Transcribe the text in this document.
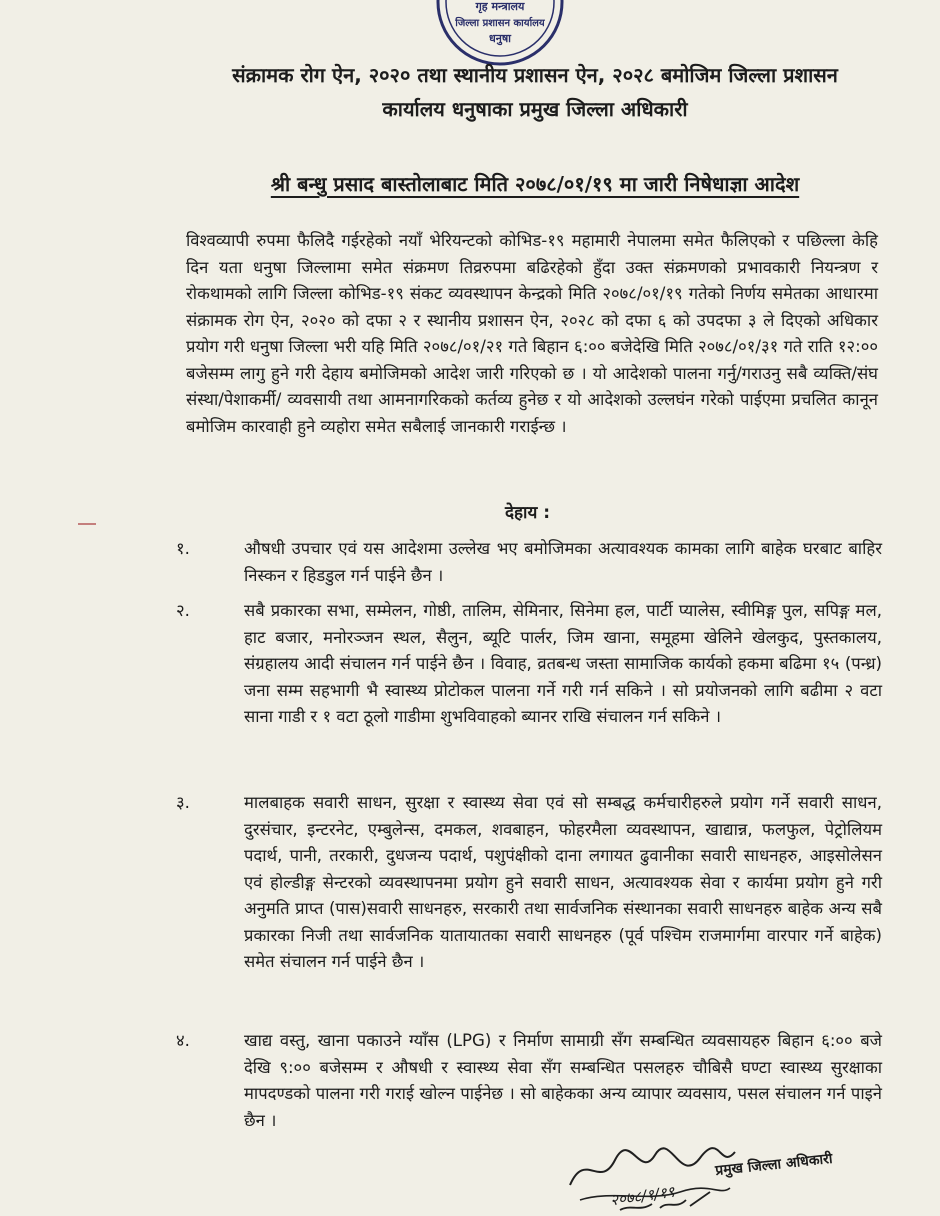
गृह मन्त्रालय
जिल्ला प्रशासन कार्यालय
धनुषा
संक्रामक रोग ऐन, २०२० तथा स्थानीय प्रशासन ऐन, २०२८ बमोजिम जिल्ला प्रशासन
कार्यालय धनुषाका प्रमुख जिल्ला अधिकारी
श्री बन्धु प्रसाद बास्तोलाबाट मिति २०७८/०१/१९ मा जारी निषेधाज्ञा आदेश
विश्वव्यापी रुपमा फैलिदै गईरहेको नयाँ भेरियन्टको कोभिड-१९ महामारी नेपालमा समेत फैलिएको र पछिल्ला केहि दिन यता धनुषा जिल्लामा समेत संक्रमण तिव्ररुपमा बढिरहेको हुँदा उक्त संक्रमणको प्रभावकारी नियन्त्रण र रोकथामको लागि जिल्ला कोभिड-१९ संकट व्यवस्थापन केन्द्रको मिति २०७८/०१/१९ गतेको निर्णय समेतका आधारमा संक्रामक रोग ऐन, २०२० को दफा २ र स्थानीय प्रशासन ऐन, २०२८ को दफा ६ को उपदफा ३ ले दिएको अधिकार प्रयोग गरी धनुषा जिल्ला भरी यहि मिति २०७८/०१/२१ गते बिहान ६:०० बजेदेखि मिति २०७८/०१/३१ गते राति १२:०० बजेसम्म लागु हुने गरी देहाय बमोजिमको आदेश जारी गरिएको छ । यो आदेशको पालना गर्नु/गराउनु सबै व्यक्ति/संघ संस्था/पेशाकर्मी/ व्यवसायी तथा आमनागरिकको कर्तव्य हुनेछ र यो आदेशको उल्लघंन गरेको पाईएमा प्रचलित कानून बमोजिम कारवाही हुने व्यहोरा समेत सबैलाई जानकारी गराईन्छ ।
देहाय :
१.	औषधी उपचार एवं यस आदेशमा उल्लेख भए बमोजिमका अत्यावश्यक कामका लागि बाहेक घरबाट बाहिर निस्कन र हिडडुल गर्न पाईने छैन ।
२.	सबै प्रकारका सभा, सम्मेलन, गोष्ठी, तालिम, सेमिनार, सिनेमा हल, पार्टी प्यालेस, स्वीमिङ्ग पुल, सपिङ्ग मल, हाट बजार, मनोरञ्जन स्थल, सैलुन, ब्यूटि पार्लर, जिम खाना, समूहमा खेलिने खेलकुद, पुस्तकालय, संग्रहालय आदी संचालन गर्न पाईने छैन । विवाह, व्रतबन्ध जस्ता सामाजिक कार्यको हकमा बढिमा १५ (पन्ध्र) जना सम्म सहभागी भै स्वास्थ्य प्रोटोकल पालना गर्ने गरी गर्न सकिने । सो प्रयोजनको लागि बढीमा २ वटा साना गाडी र १ वटा ठूलो गाडीमा शुभविवाहको ब्यानर राखि संचालन गर्न सकिने ।
३.	मालबाहक सवारी साधन, सुरक्षा र स्वास्थ्य सेवा एवं सो सम्बद्ध कर्मचारीहरुले प्रयोग गर्ने सवारी साधन, दुरसंचार, इन्टरनेट, एम्बुलेन्स, दमकल, शवबाहन, फोहरमैला व्यवस्थापन, खाद्यान्न, फलफुल, पेट्रोलियम पदार्थ, पानी, तरकारी, दुधजन्य पदार्थ, पशुपंक्षीको दाना लगायत ढुवानीका सवारी साधनहरु, आइसोलेसन एवं होल्डीङ्ग सेन्टरको व्यवस्थापनमा प्रयोग हुने सवारी साधन, अत्यावश्यक सेवा र कार्यमा प्रयोग हुने गरी अनुमति प्राप्त (पास)सवारी साधनहरु, सरकारी तथा सार्वजनिक संस्थानका सवारी साधनहरु बाहेक अन्य सबै प्रकारका निजी तथा सार्वजनिक यातायातका सवारी साधनहरु (पूर्व पश्चिम राजमार्गमा वारपार गर्ने बाहेक) समेत संचालन गर्न पाईने छैन ।
४.	खाद्य वस्तु, खाना पकाउने ग्याँस (LPG) र निर्माण सामाग्री सँग सम्बन्धित व्यवसायहरु बिहान ६:०० बजे देखि ९:०० बजेसम्म र औषधी र स्वास्थ्य सेवा सँग सम्बन्धित पसलहरु चौबिसै घण्टा स्वास्थ्य सुरक्षाका मापदण्डको पालना गरी गराई खोल्न पाईनेछ । सो बाहेकका अन्य व्यापार व्यवसाय, पसल संचालन गर्न पाइने छैन ।
प्रमुख जिल्ला अधिकारी
२०७८/१/१९
